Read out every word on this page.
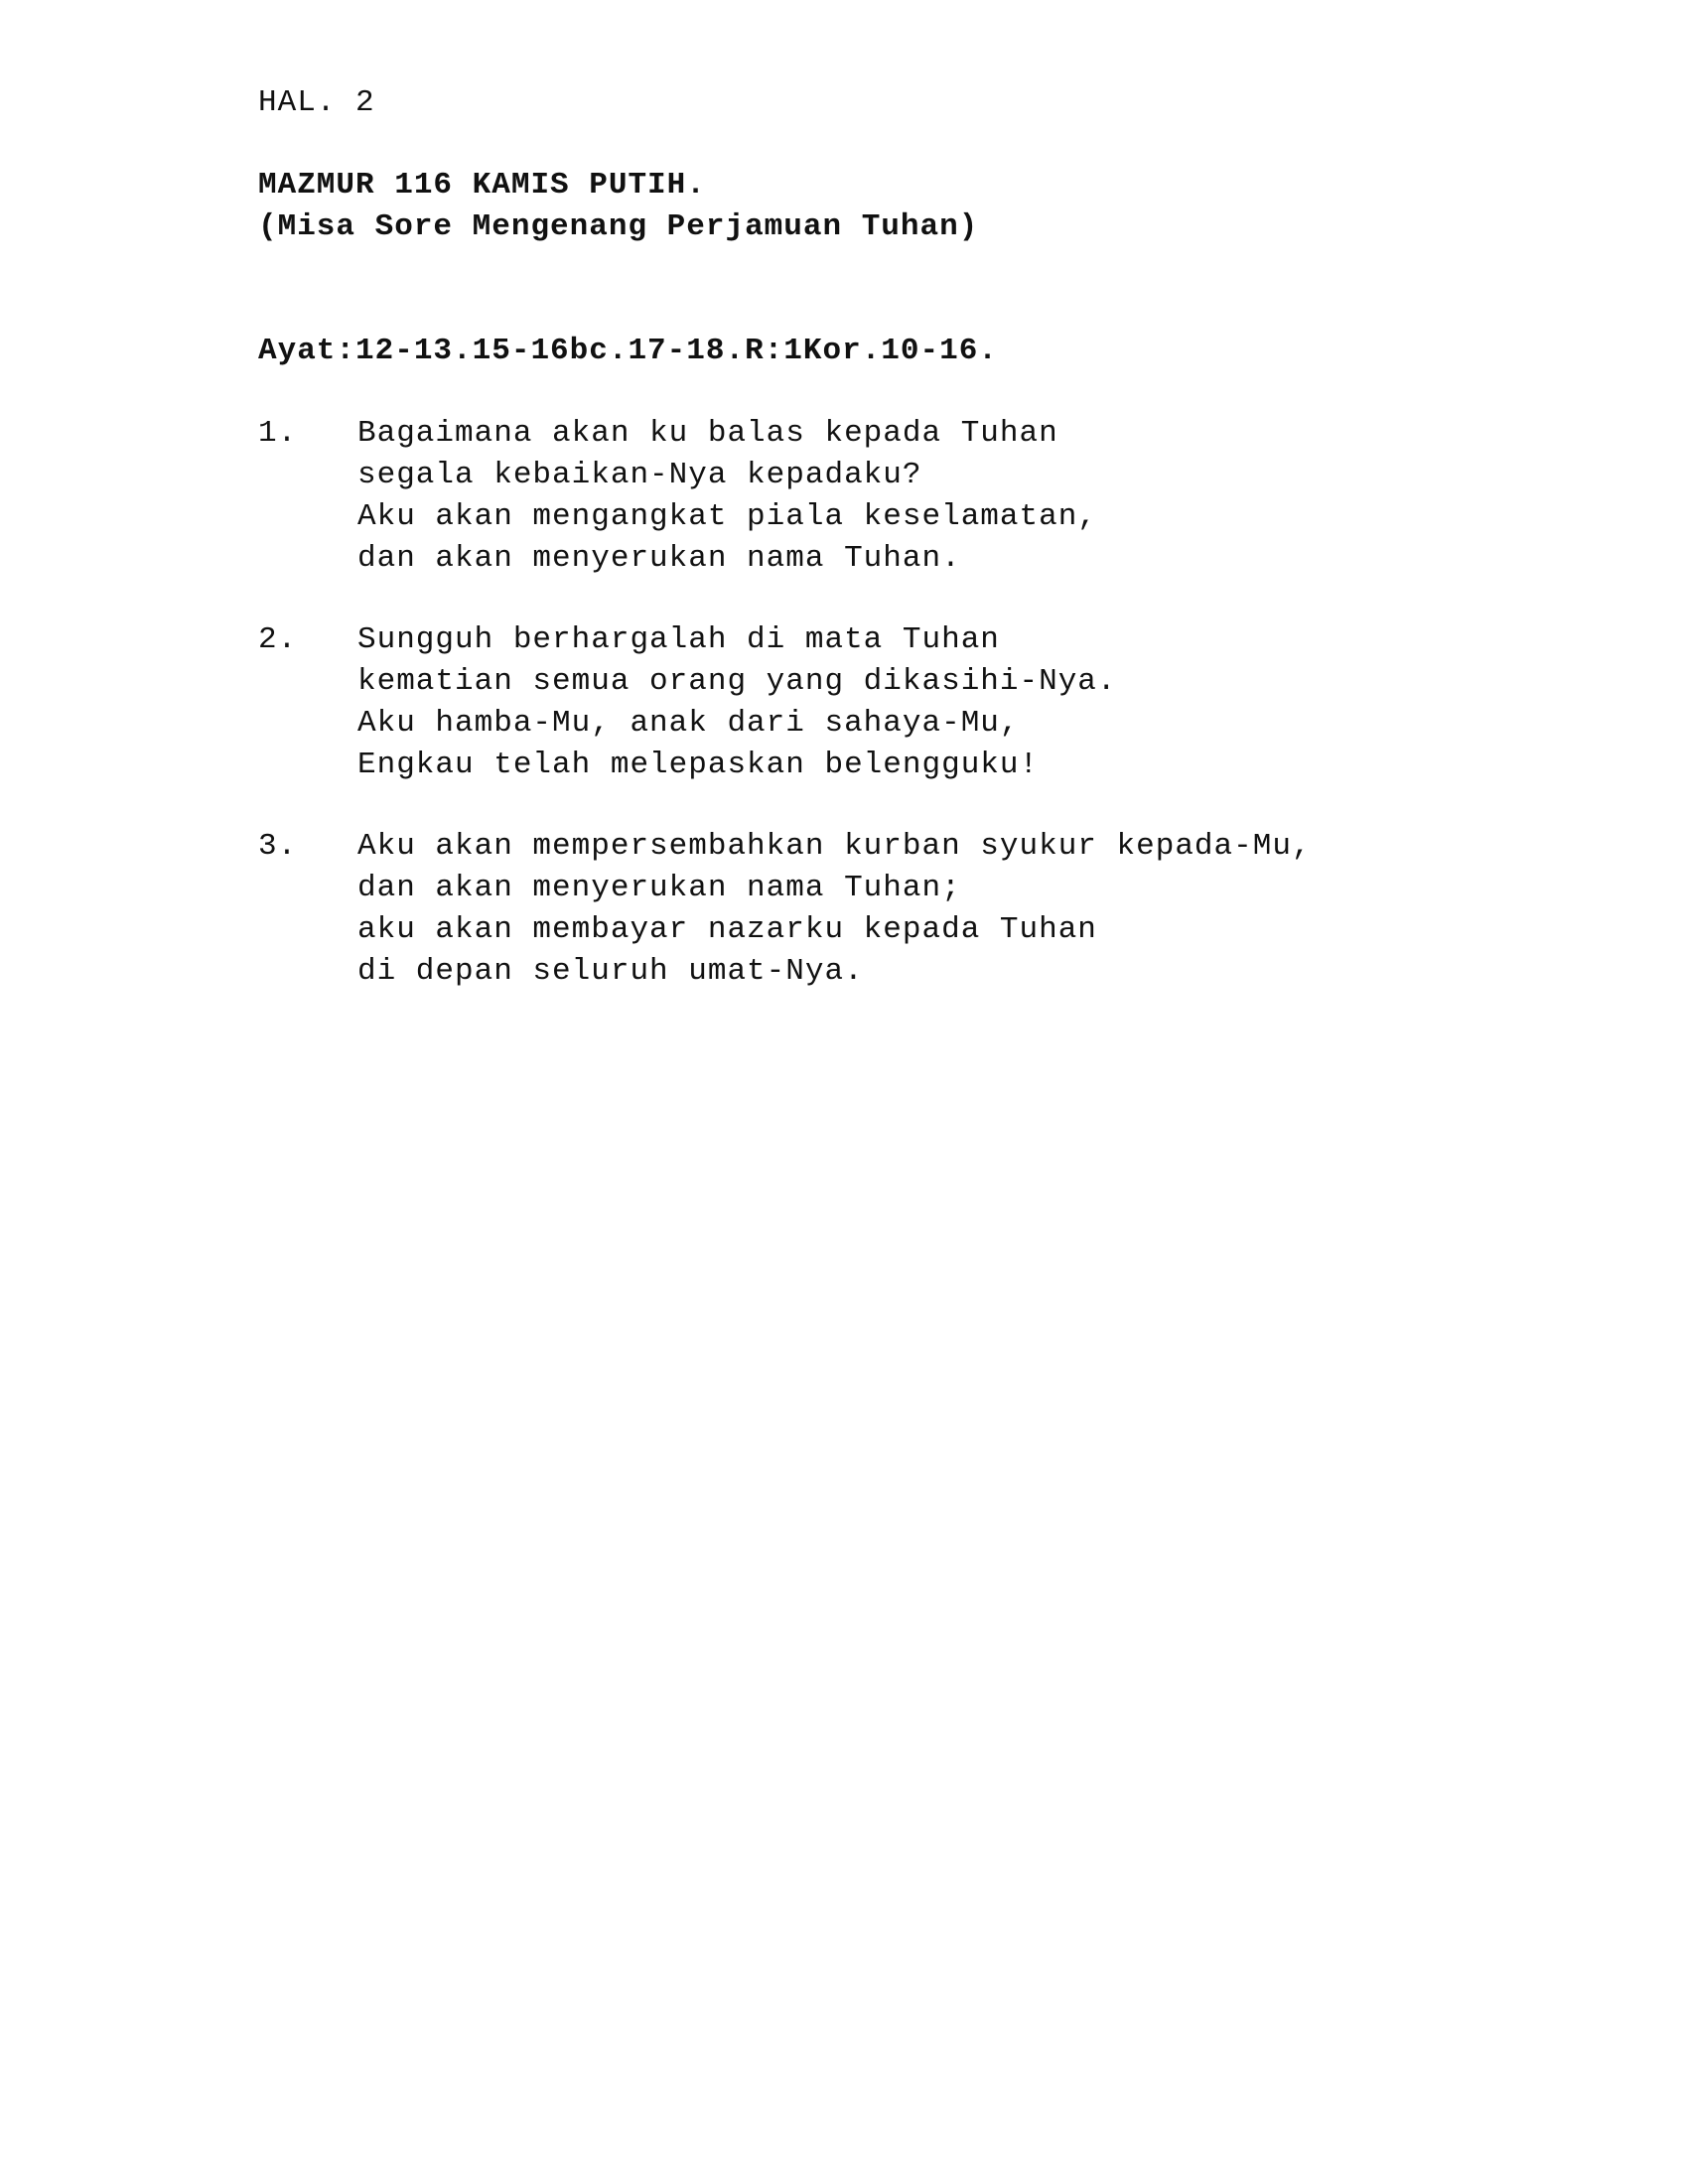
HAL. 2
MAZMUR 116 KAMIS PUTIH.
(Misa Sore Mengenang Perjamuan Tuhan)
Ayat:12-13.15-16bc.17-18.R:1Kor.10-16.
1. Bagaimana akan ku balas kepada Tuhan
segala kebaikan-Nya kepadaku?
Aku akan mengangkat piala keselamatan,
dan akan menyerukan nama Tuhan.
2. Sungguh berhargalah di mata Tuhan
kematian semua orang yang dikasihi-Nya.
Aku hamba-Mu, anak dari sahaya-Mu,
Engkau telah melepaskan belengguku!
3. Aku akan mempersembahkan kurban syukur kepada-Mu,
dan akan menyerukan nama Tuhan;
aku akan membayar nazarku kepada Tuhan
di depan seluruh umat-Nya.
